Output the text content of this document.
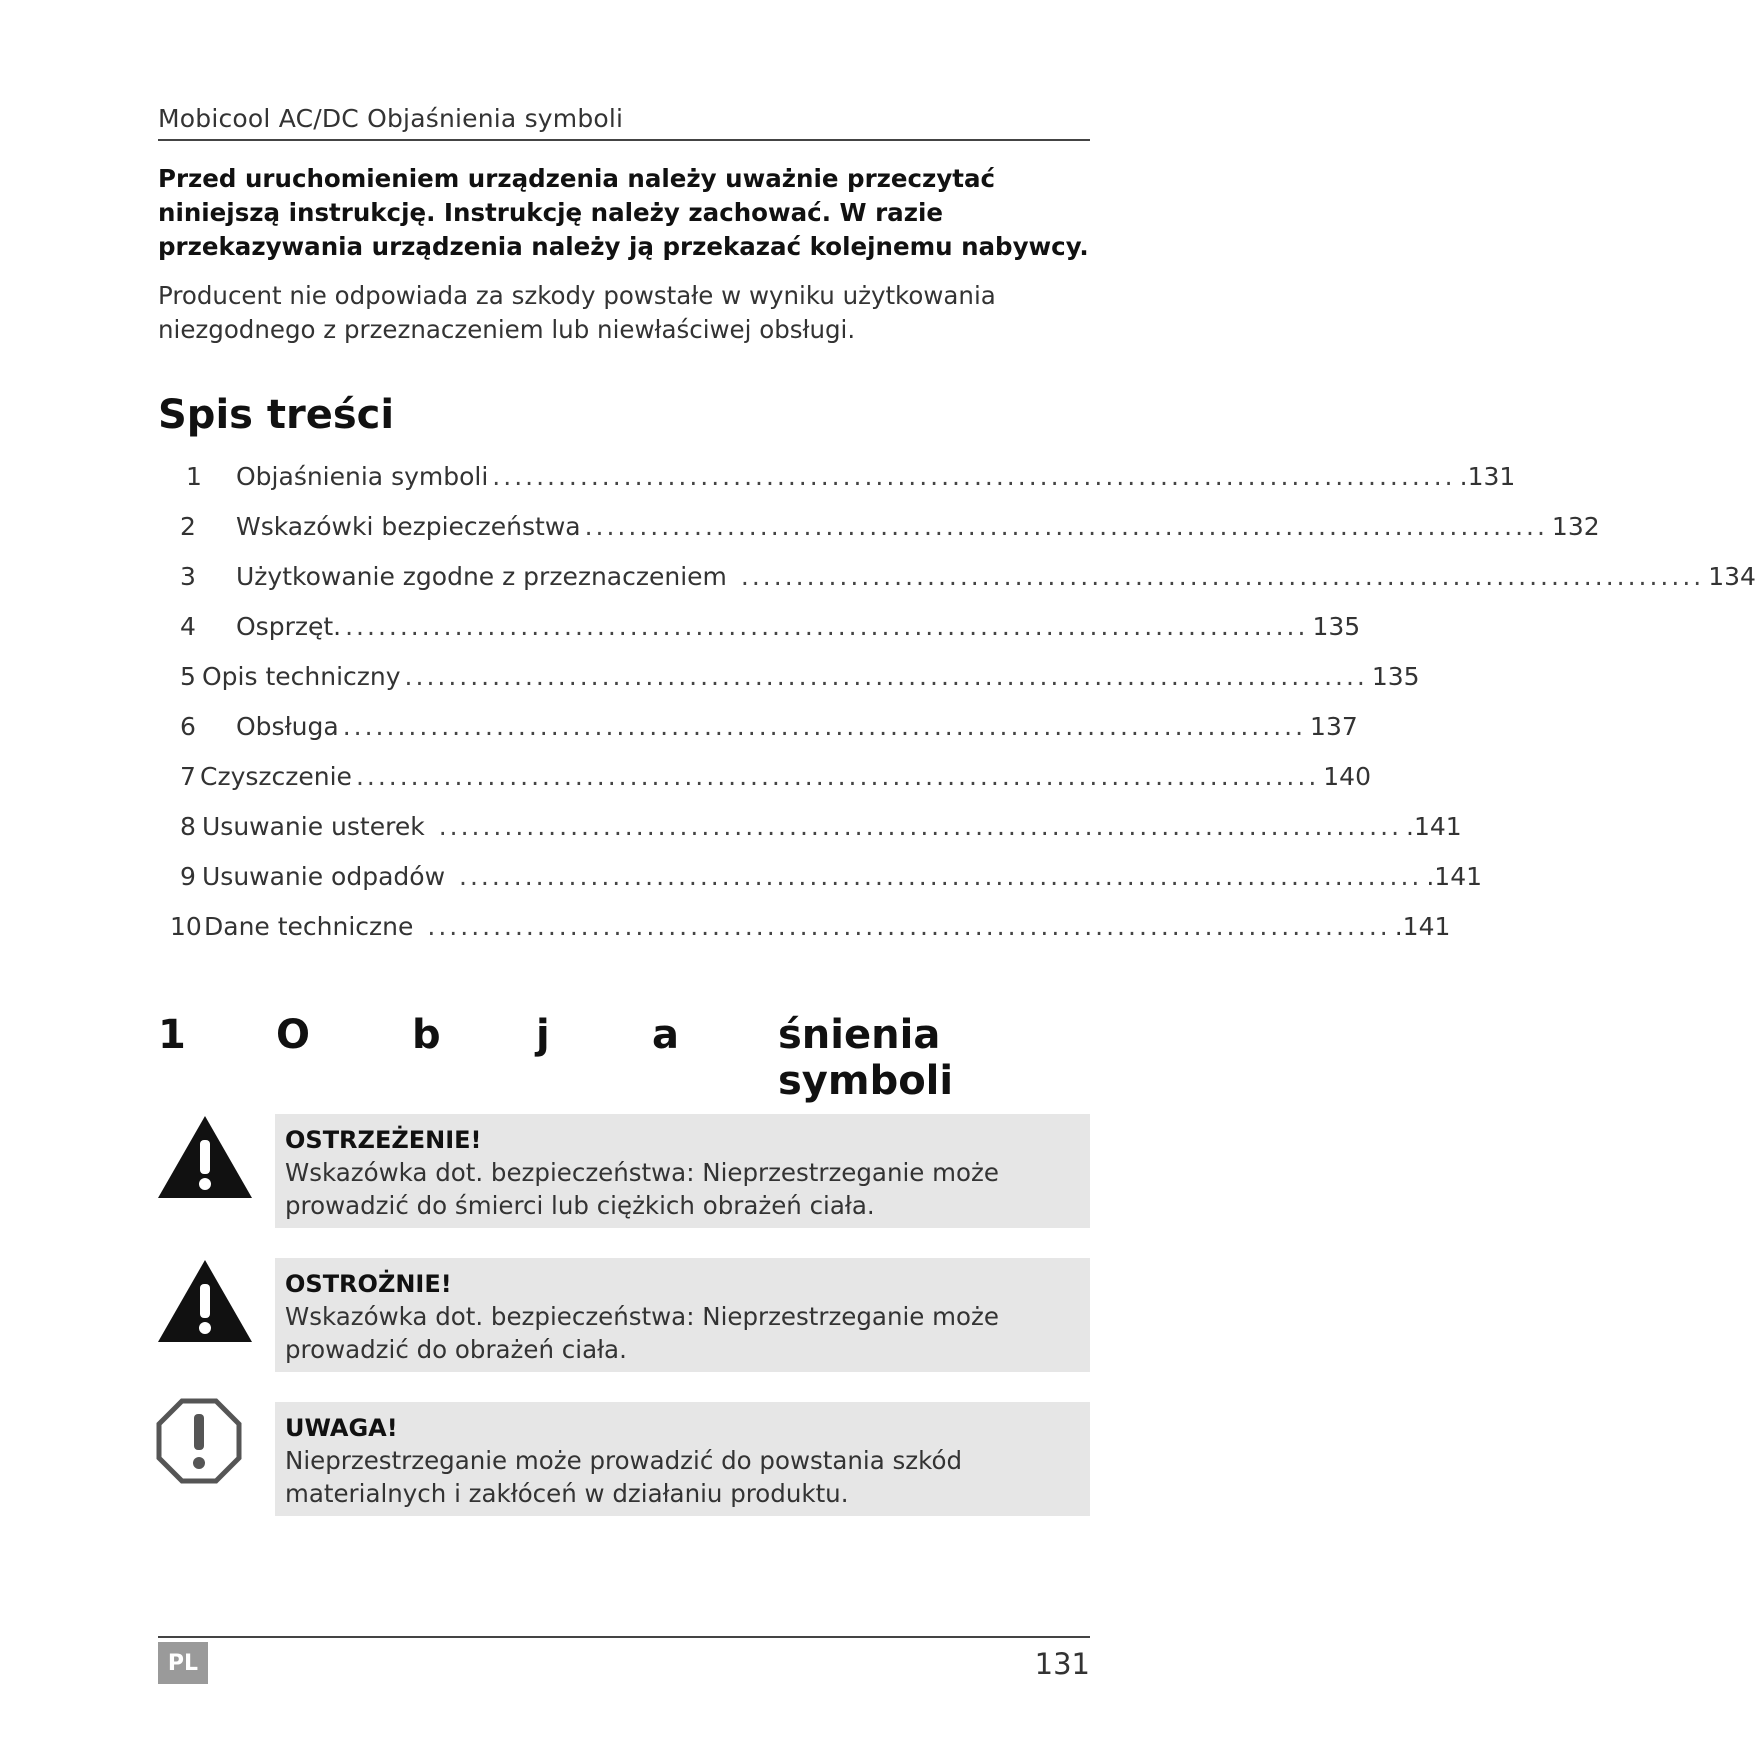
Mobicool AC/DC Objaśnienia symboli
Przed uruchomieniem urządzenia należy uważnie przeczytać niniejszą instrukcję. Instrukcję należy zachować. W razie przekazywania urządzenia należy ją przekazać kolejnemu nabywcy.
Producent nie odpowiada za szkody powstałe w wyniku użytkowania niezgodnego z przeznaczeniem lub niewłaściwej obsługi.
Spis treści
1	Objaśnienia symboli ........................................................................................ .131
2	Wskazówki bezpieczeństwa ........................................................................................ 132
3	Użytkowanie zgodne z przeznaczeniem ........................................................................................ 134
4	Osprzęt. ........................................................................................ 135
5 Opis techniczny ........................................................................................ 135
6	Obsługa ........................................................................................ 137
7 Czyszczenie ........................................................................................ 140
8 Usuwanie usterek ........................................................................................ .141
9 Usuwanie odpadów ........................................................................................ .141
10 Dane techniczne ........................................................................................ .141
1 O	b j	a śnienia symboli
OSTRZEŻENIE!
Wskazówka dot. bezpieczeństwa: Nieprzestrzeganie może prowadzić do śmierci lub ciężkich obrażeń ciała.
OSTROŻNIE!
Wskazówka dot. bezpieczeństwa: Nieprzestrzeganie może prowadzić do obrażeń ciała.
UWAGA!
Nieprzestrzeganie może prowadzić do powstania szkód materialnych i zakłóceń w działaniu produktu.
PL	131
